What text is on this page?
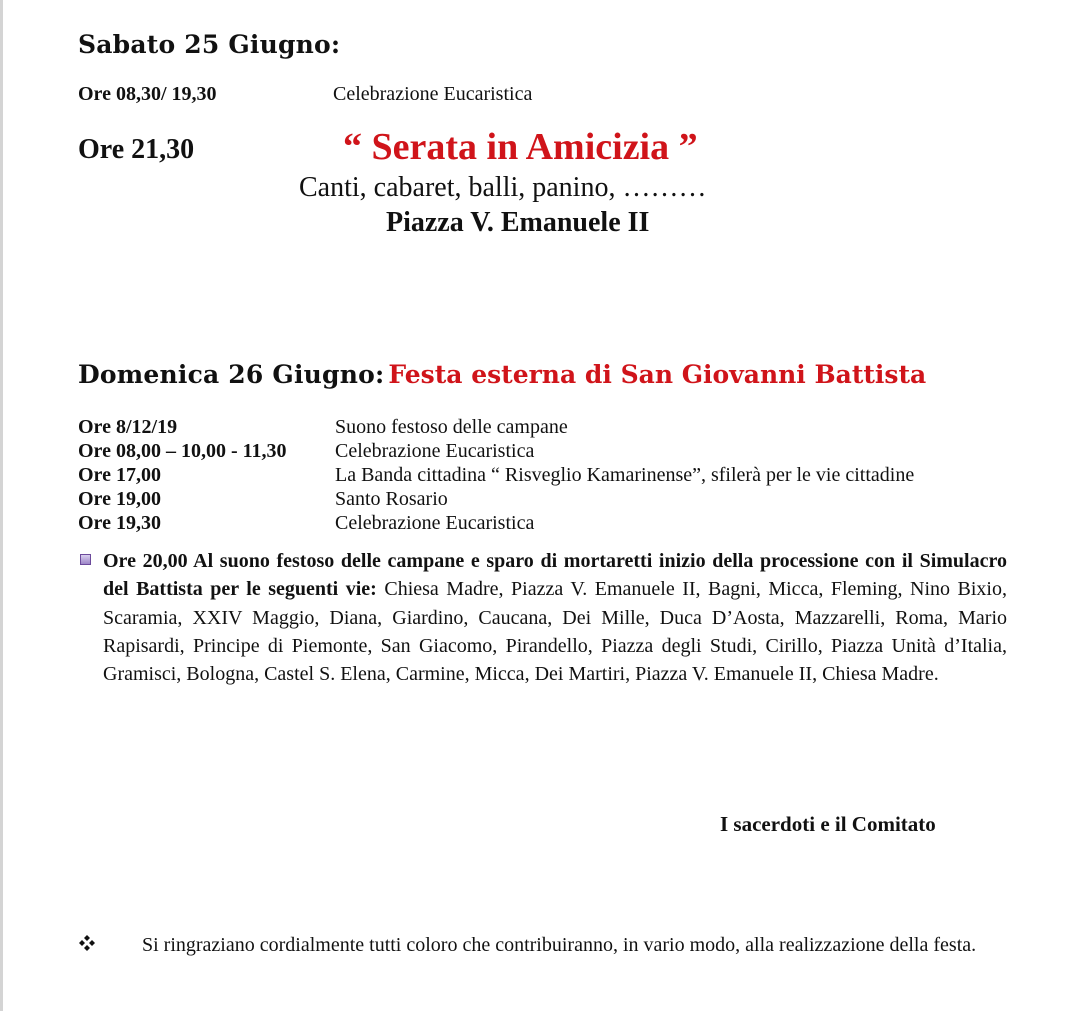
Sabato 25 Giugno:
Ore 08,30/ 19,30	Celebrazione Eucaristica
Ore 21,30	“ Serata in Amicizia ”
Canti, cabaret, balli, panino, ………
Piazza V. Emanuele II
Domenica 26 Giugno: Festa esterna di San Giovanni Battista
Ore 8/12/19	Suono festoso delle campane
Ore 08,00 – 10,00 - 11,30 Celebrazione Eucaristica
Ore 17,00	La Banda cittadina “ Risveglio Kamarinense”, sfilerà per le vie cittadine
Ore 19,00	Santo Rosario
Ore 19,30	Celebrazione Eucaristica
Ore 20,00 Al suono festoso delle campane e sparo di mortaretti inizio della processione con il Simulacro del Battista per le seguenti vie: Chiesa Madre, Piazza V. Emanuele II, Bagni, Micca, Fleming, Nino Bixio, Scaramia, XXIV Maggio, Diana, Giardino, Caucana, Dei Mille, Duca D’Aosta, Mazzarelli, Roma, Mario Rapisardi, Principe di Piemonte, San Giacomo, Pirandello, Piazza degli Studi, Cirillo, Piazza Unità d’Italia, Gramisci, Bologna, Castel S. Elena, Carmine, Micca, Dei Martiri, Piazza V. Emanuele II, Chiesa Madre.
I sacerdoti e il Comitato
Si ringraziano cordialmente tutti coloro che contribuiranno, in vario modo, alla realizzazione della festa.
